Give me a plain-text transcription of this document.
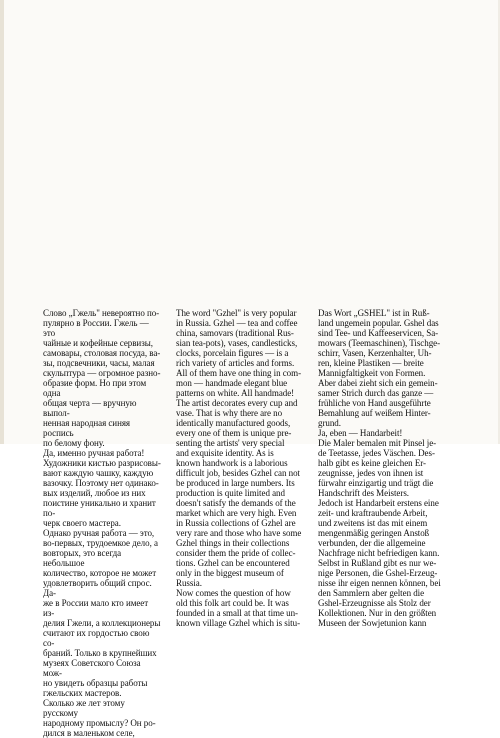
Слово „Гжель" невероятно по-
пулярно в России. Гжель — это
чайные и кофейные сервизы,
самовары, столовая посуда, ва-
зы, подсвечники, часы, малая
скульптура — огромное разно-
образие форм. Но при этом одна
общая черта — вручную выпол-
ненная народная синяя роспись
по белому фону.
Да, именно ручная работа!
Художники кистью разрисовы-
вают каждую чашку, каждую
вазочку. Поэтому нет одинако-
вых изделий, любое из них
поистине уникально и хранит по-
черк своего мастера.
Однако ручная работа — это,
во-первых, трудоемкое дело, а
вовторых, это всегда небольшое
количество, которое не может
удовлетворить общий спрос. Да-
же в России мало кто имеет из-
делия Гжели, а коллекционеры
считают их гордостью свою со-
браний. Только в крупнейших
музеях Советского Союза мож-
но увидеть образцы работы
гжельских мастеров.
Сколько же лет этому русскому
народному промыслу? Он ро-
дился в маленьком селе,

The word "Gzhel" is very popular
in Russia. Gzhel — tea and coffee
china, samovars (traditional Rus-
sian tea-pots), vases, candlesticks,
clocks, porcelain figures — is a
rich variety of articles and forms.
All of them have one thing in com-
mon — handmade elegant blue
patterns on white. All handmade!
The artist decorates every cup and
vase. That is why there are no
identically manufactured goods,
every one of them is unique pre-
senting the artists' very special
and exquisite identity. As is
known handwork is a laborious
difficult job, besides Gzhel can not
be produced in large numbers. Its
production is quite limited and
doesn't satisfy the demands of the
market which are very high. Even
in Russia collections of Gzhel are
very rare and those who have some
Gzhel things in their collections
consider them the pride of collec-
tions. Gzhel can be encountered
only in the biggest museum of
Russia.
Now comes the question of how
old this folk art could be. It was
founded in a small at that time un-
known village Gzhel which is situ-

Das Wort „GSHEL" ist in Ruß-
land ungemein popular. Gshel das
sind Tee- und Kaffeeservicen, Sa-
mowars (Teemaschinen), Tischge-
schirr, Vasen, Kerzenhalter, Uh-
ren, kleine Plastiken — breite
Mannigfaltigkeit von Formen.
Aber dabei zieht sich ein gemein-
samer Strich durch das ganze —
frühliche von Hand ausgeführte
Bemahlung auf weißem Hinter-
grund.
Ja, eben — Handarbeit!
Die Maler bemalen mit Pinsel je-
de Teetasse, jedes Väschen. Des-
halb gibt es keine gleichen Er-
zeugnisse, jedes von ihnen ist
fürwahr einzigartig und trägt die
Handschrift des Meisters.
Jedoch ist Handarbeit erstens eine
zeit- und kraftraubende Arbeit,
und zweitens ist das mit einem
mengenmäßig geringen Anstoß
verbunden, der die allgemeine
Nachfrage nicht befriedigen kann.
Selbst in Rußland gibt es nur we-
nige Personen, die Gshel-Erzeug-
nisse ihr eigen nennen können, bei
den Sammlern aber gelten die
Gshel-Erzeugnisse als Stolz der
Kollektionen. Nur in den größten
Museen der Sowjetunion kann
